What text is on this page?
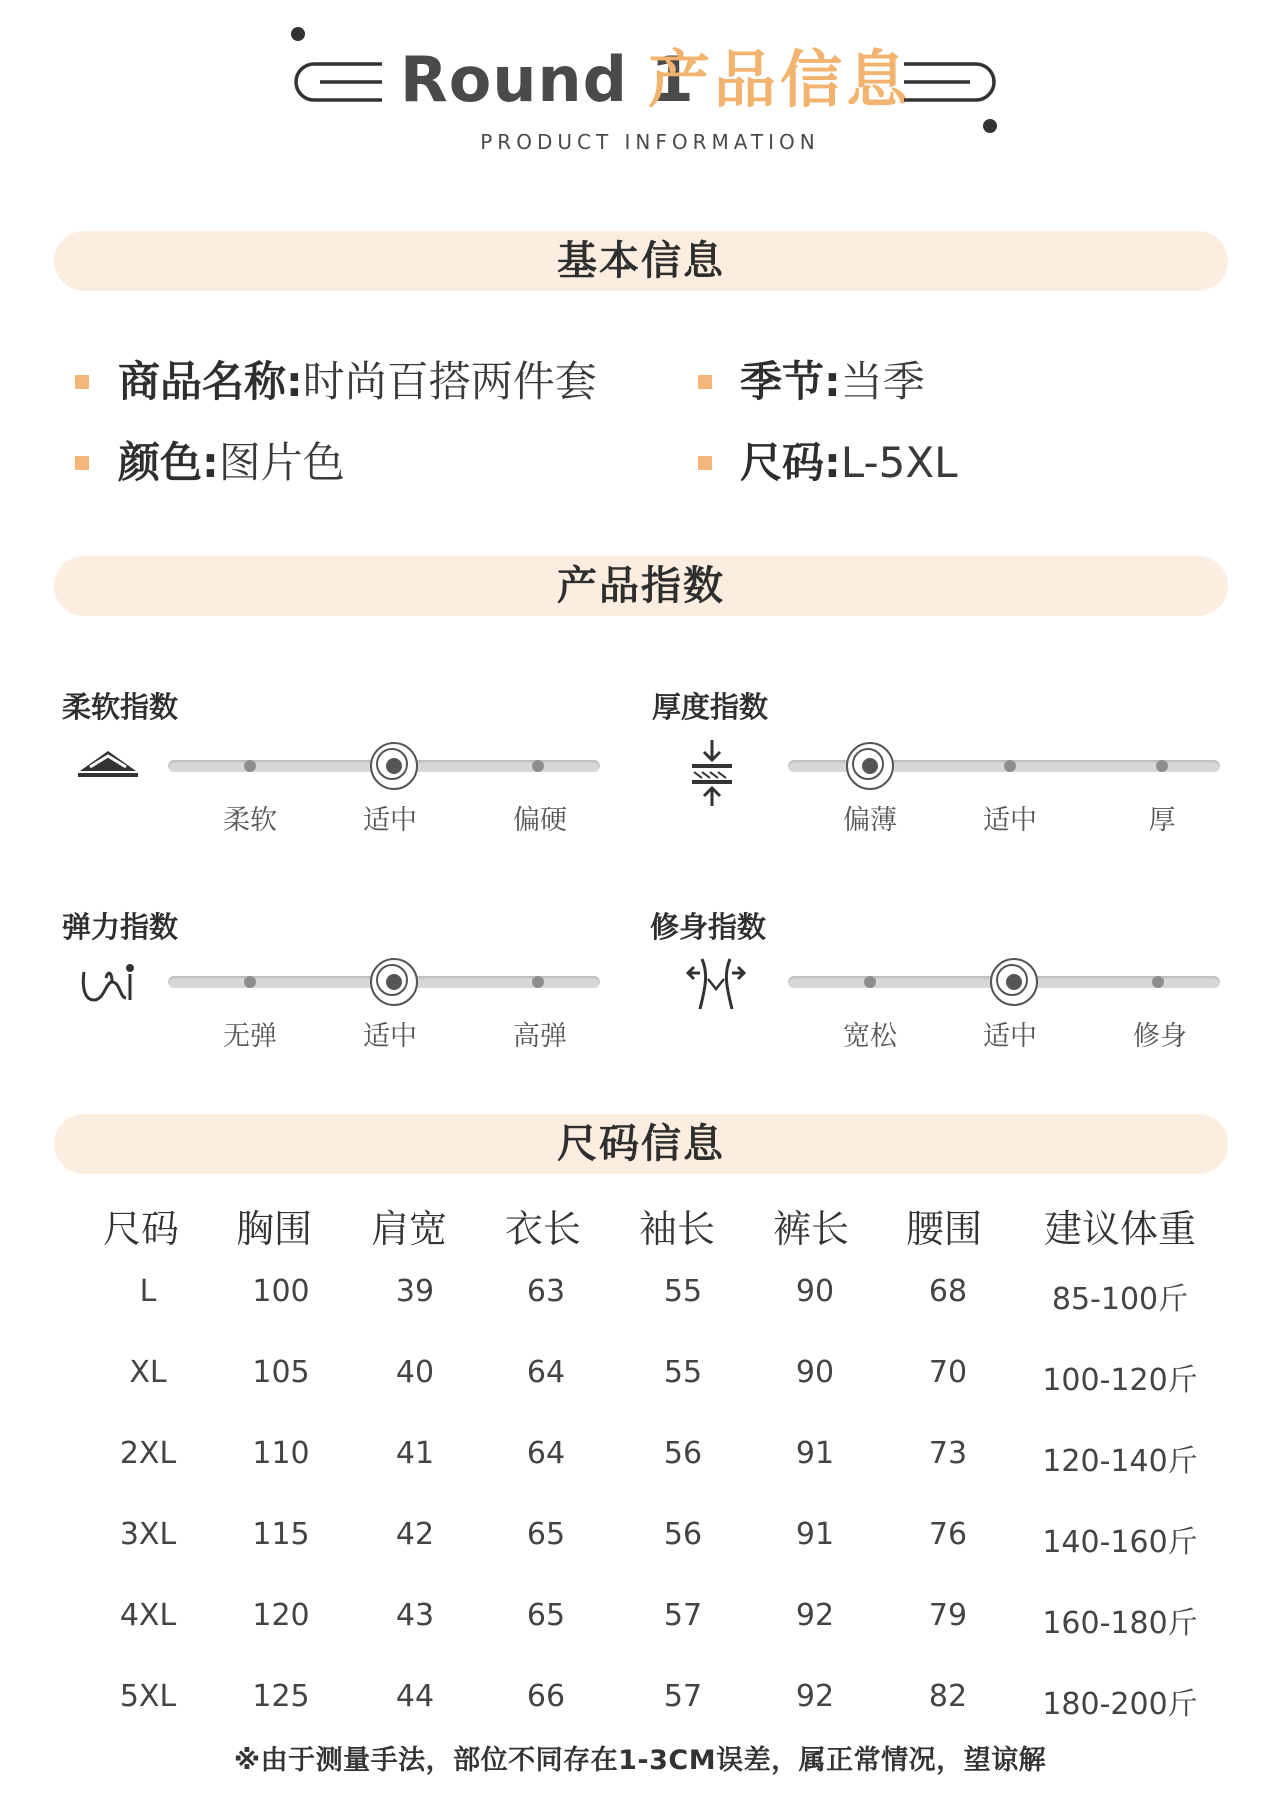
Round 1
产品信息
PRODUCT INFORMATION
基本信息
商品名称:时尚百搭两件套	季节:当季
颜色:图片色	尺码:L-5XL
产品指数
柔软指数
柔软	适中	偏硬
厚度指数
偏薄	适中	厚
弹力指数
无弹	适中	高弹
修身指数
宽松	适中	修身
尺码信息
尺码 胸围 肩宽 衣长 袖长 裤长 腰围 建议体重
L	100	39	63	55	90	68	85-100斤
XL	105	40	64	55	90	70	100-120斤
2XL	110	41	64	56	91	73	120-140斤
3XL	115	42	65	56	91	76	140-160斤
4XL	120	43	65	57	92	79	160-180斤
5XL	125	44	66	57	92	82	180-200斤
※由于测量手法，部位不同存在1-3CM误差，属正常情况，望谅解
